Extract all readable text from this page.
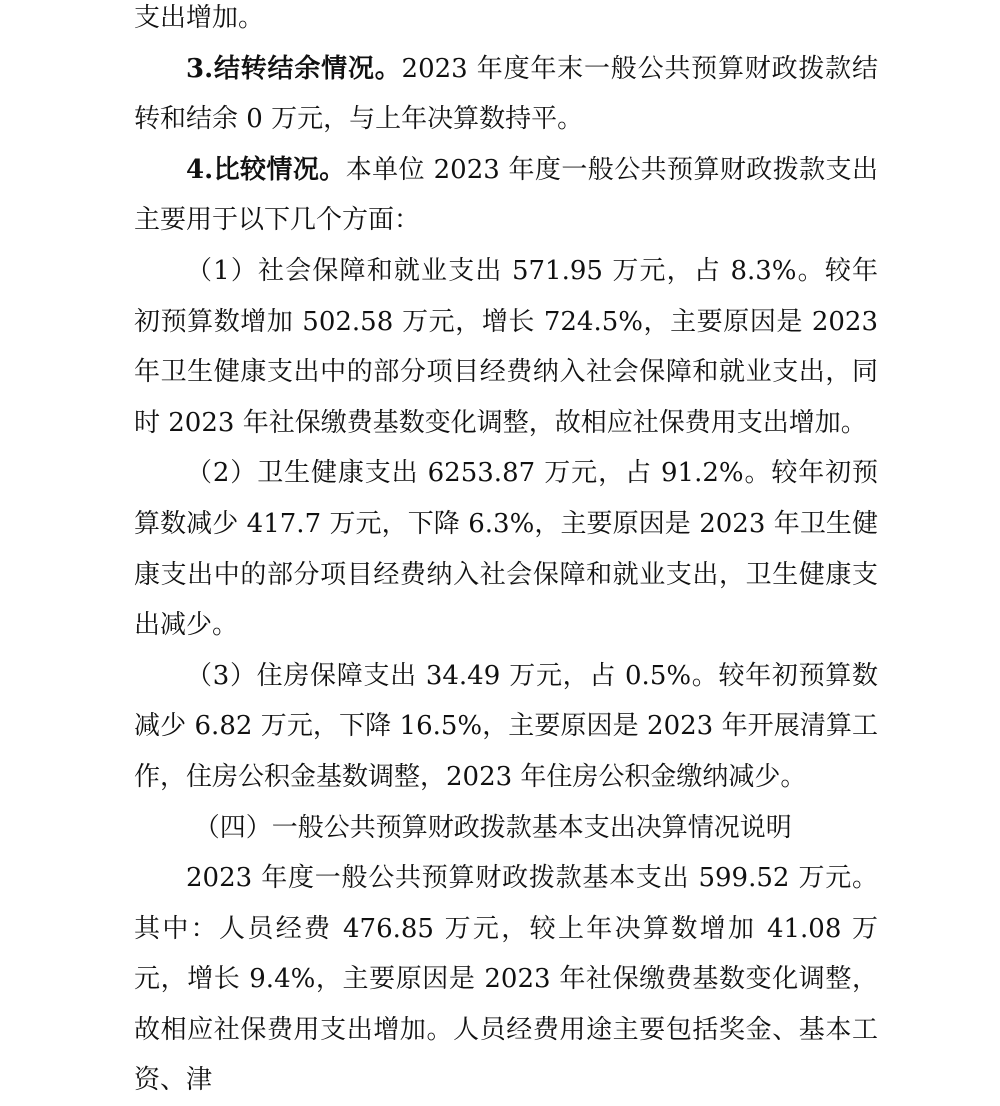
支出增加。

3.结转结余情况。2023 年度年末一般公共预算财政拨款结转和结余 0 万元，与上年决算数持平。

4.比较情况。本单位 2023 年度一般公共预算财政拨款支出主要用于以下几个方面：

（1）社会保障和就业支出 571.95 万元，占 8.3%。较年初预算数增加 502.58 万元，增长 724.5%，主要原因是 2023 年卫生健康支出中的部分项目经费纳入社会保障和就业支出，同时 2023 年社保缴费基数变化调整，故相应社保费用支出增加。

（2）卫生健康支出 6253.87 万元，占 91.2%。较年初预算数减少 417.7 万元，下降 6.3%，主要原因是 2023 年卫生健康支出中的部分项目经费纳入社会保障和就业支出，卫生健康支出减少。

（3）住房保障支出 34.49 万元，占 0.5%。较年初预算数减少 6.82 万元，下降 16.5%，主要原因是 2023 年开展清算工作，住房公积金基数调整，2023 年住房公积金缴纳减少。

（四）一般公共预算财政拨款基本支出决算情况说明

2023 年度一般公共预算财政拨款基本支出 599.52 万元。其中：人员经费 476.85 万元，较上年决算数增加 41.08 万元，增长 9.4%，主要原因是 2023 年社保缴费基数变化调整，故相应社保费用支出增加。人员经费用途主要包括奖金、基本工资、津
